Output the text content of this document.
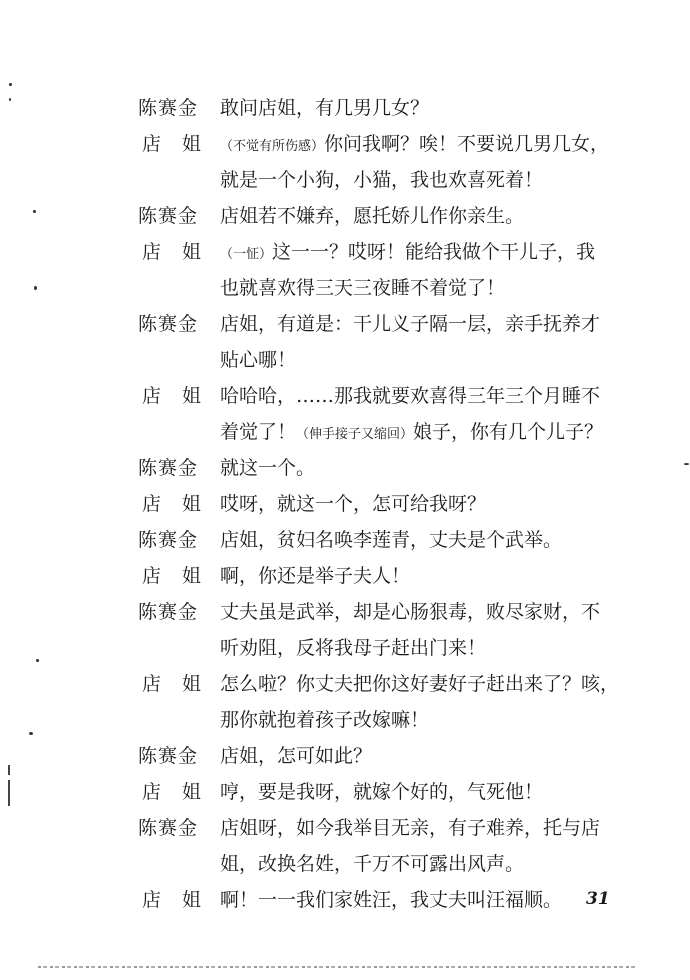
陈赛金	敢问店姐，有几男几女？
店 姐 （不觉有所伤感）你问我啊？唉！不要说几男几女，
就是一个小狗，小猫，我也欢喜死着！
陈赛金	店姐若不嫌弃，愿托娇儿作你亲生。
店 姐 （一怔）这一一？哎呀！能给我做个干儿子，我
也就喜欢得三天三夜睡不着觉了！
陈赛金	店姐，有道是：干儿义子隔一层，亲手抚养才
贴心哪！
店 姐 哈哈哈，……那我就要欢喜得三年三个月睡不
着觉了！（伸手接子又缩回）娘子，你有几个儿子？
陈赛金	就这一个。
店 姐 哎呀，就这一个，怎可给我呀？
陈赛金	店姐，贫妇名唤李莲青，丈夫是个武举。
店 姐 啊，你还是举子夫人！
陈赛金	丈夫虽是武举，却是心肠狠毒，败尽家财，不
听劝阻，反将我母子赶出门来！
店 姐 怎么啦？你丈夫把你这好妻好子赶出来了？咳，
那你就抱着孩子改嫁嘛！
陈赛金	店姐，怎可如此？
店 姐 哼，要是我呀，就嫁个好的，气死他！
陈赛金	店姐呀，如今我举目无亲，有子难养，托与店
姐，改换名姓，千万不可露出风声。
店 姐 啊！一一我们家姓汪，我丈夫叫汪福顺。 31
